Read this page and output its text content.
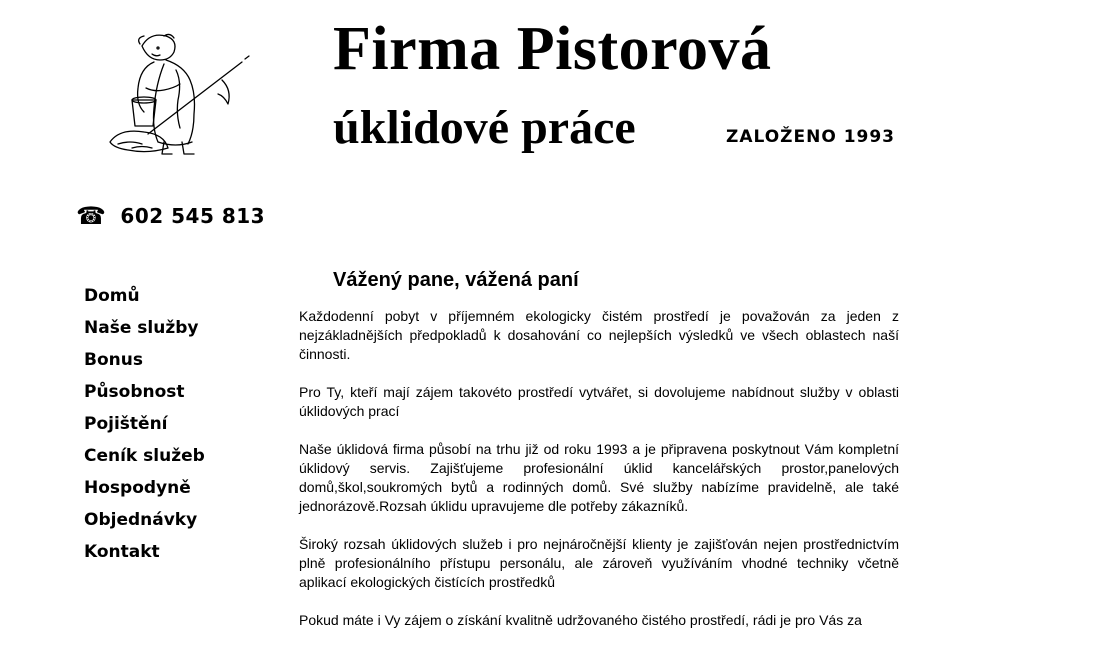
Firma Pistorová
úklidové práce	ZALOŽENO 1993
☎ 602 545 813
Domů
Naše služby
Bonus
Působnost
Pojištění
Ceník služeb
Hospodyně
Objednávky
Kontakt
Vážený pane, vážená paní

Každodenní pobyt v příjemném ekologicky čistém prostředí je považován za jeden z nejzákladnějších předpokladů k dosahování co nejlepších výsledků ve všech oblastech naší činnosti.

Pro Ty, kteří mají zájem takovéto prostředí vytvářet, si dovolujeme nabídnout služby v oblasti úklidových prací

Naše úklidová firma působí na trhu již od roku 1993 a je připravena poskytnout Vám kompletní úklidový servis. Zajišťujeme profesionální úklid kancelářských prostor,panelových domů,škol,soukromých bytů a rodinných domů. Své služby nabízíme pravidelně, ale také jednorázově.Rozsah úklidu upravujeme dle potřeby zákazníků.

Široký rozsah úklidových služeb i pro nejnáročnější klienty je zajišťován nejen prostřednictvím plně profesionálního přístupu personálu, ale zároveň využíváním vhodné techniky včetně aplikací ekologických čistících prostředků

Pokud máte i Vy zájem o získání kvalitně udržovaného čistého prostředí, rádi je pro Vás za
